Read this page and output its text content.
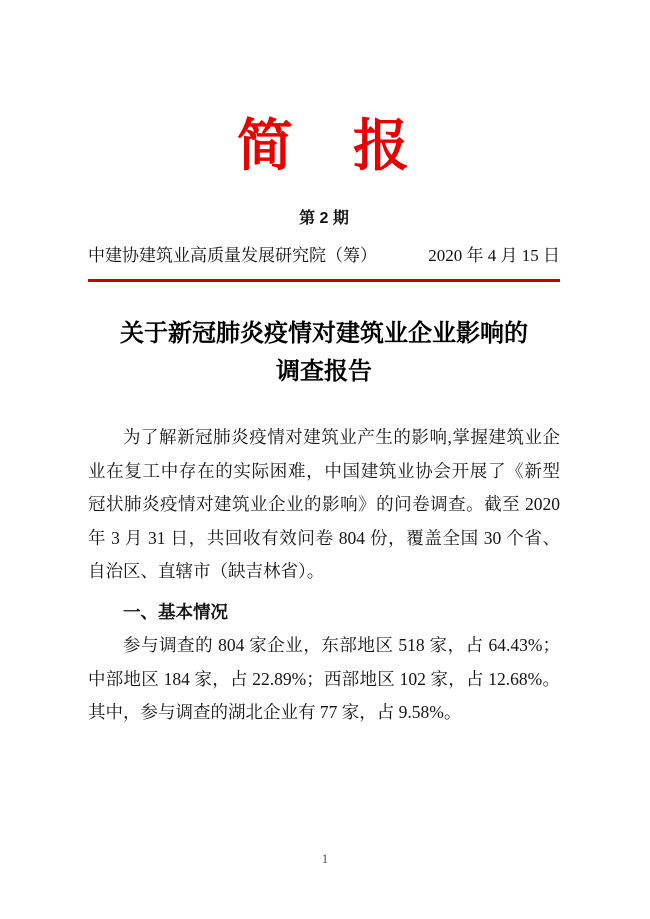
简　报
第 2 期
中建协建筑业高质量发展研究院（筹）	2020 年 4 月 15 日
关于新冠肺炎疫情对建筑业企业影响的
调查报告

为了解新冠肺炎疫情对建筑业产生的影响,掌握建筑业企业在复工中存在的实际困难，中国建筑业协会开展了《新型冠状肺炎疫情对建筑业企业的影响》的问卷调查。截至 2020 年 3 月 31 日，共回收有效问卷 804 份，覆盖全国 30 个省、自治区、直辖市（缺吉林省）。

一、基本情况

参与调查的 804 家企业，东部地区 518 家，占 64.43%；中部地区 184 家，占 22.89%；西部地区 102 家，占 12.68%。其中，参与调查的湖北企业有 77 家，占 9.58%。

1
